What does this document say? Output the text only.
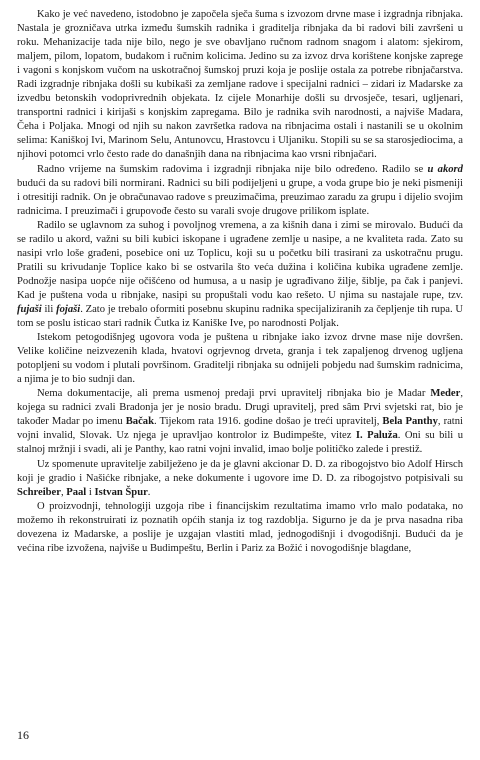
Kako je već navedeno, istodobno je započela sječa šuma s izvozom drvne mase i izgradnja ribnjaka. Nastala je grozničava utrka između šumskih radnika i graditelja ribnjaka da bi radovi bili završeni u roku. Mehanizacije tada nije bilo, nego je sve obavljano ručnom radnom snagom i alatom: sjekirom, maljem, pilom, lopatom, budakom i ručnim kolicima. Jedino su za izvoz drva korištene konjske zaprege i vagoni s konjskom vučom na uskotračnoj šumskoj pruzi koja je poslije ostala za potrebe ribnjačarstva. Radi izgradnje ribnjaka došli su kubikaši za zemljane radove i specijalni radnici – zidari iz Madarske za izvedbu betonskih vodoprivrednih objekata. Iz cijele Monarhije došli su drvosječe, tesari, ugljenari, transportni radnici i kirijaši s konjskim zapregama. Bilo je radnika svih narodnosti, a najviše Madara, Čeha i Poljaka. Mnogi od njih su nakon završetka radova na ribnjacima ostali i nastanili se u okolnim selima: Kaniškoj Ivi, Marinom Selu, Antunovcu, Hrastovcu i Uljaniku. Stopili su se sa starosjediocima, a njihovi potomci vrlo često rade do današnjih dana na ribnjacima kao vrsni ribnjačari.

Radno vrijeme na šumskim radovima i izgradnji ribnjaka nije bilo određeno. Radilo se u akord budući da su radovi bili normirani. Radnici su bili podijeljeni u grupe, a voda grupe bio je neki pismeniji i otresitiji radnik. On je obračunavao radove s preuzimačima, preuzimao zaradu za grupu i dijelio svojim radnicima. I preuzimači i grupovođe često su varali svoje drugove prilikom isplate.

Radilo se uglavnom za suhog i povoljnog vremena, a za kišnih dana i zimi se mirovalo. Budući da se radilo u akord, važni su bili kubici iskopane i ugrađene zemlje u nasipe, a ne kvaliteta rada. Zato su nasipi vrlo loše građeni, posebice oni uz Toplicu, koji su u početku bili trasirani za uskotračnu prugu. Pratili su krivudanje Toplice kako bi se ostvarila što veća dužina i količina kubika ugrađene zemlje. Podnožje nasipa uopće nije očišćeno od humusa, a u nasip je ugrađivano žilje, šiblje, pa čak i panjevi. Kad je puštena voda u ribnjake, nasipi su propuštali vodu kao rešeto. U njima su nastajale rupe, tzv. fujaši ili fojaši. Zato je trebalo oformiti posebnu skupinu radnika specijaliziranih za čepljenje tih rupa. U tom se poslu isticao stari radnik Čutka iz Kaniške Ive, po narodnosti Poljak.

Istekom petogodišnjeg ugovora voda je puštena u ribnjake iako izvoz drvne mase nije dovršen. Velike količine neizvezenih klada, hvatovi ogrjevnog drveta, granja i tek zapaljenog drvenog ugljena potopljeni su vodom i plutali površinom. Graditelji ribnjaka su odnijeli pobjedu nad šumskim radnicima, a njima je to bio sudnji dan.

Nema dokumentacije, ali prema usmenoj predaji prvi upravitelj ribnjaka bio je Madar Meder, kojega su radnici zvali Bradonja jer je nosio bradu. Drugi upravitelj, pred sâm Prvi svjetski rat, bio je također Madar po imenu Bačak. Tijekom rata 1916. godine došao je treći upravitelj, Bela Panthy, ratni vojni invalid, Slovak. Uz njega je upravljao kontrolor iz Budimpešte, vitez I. Paluža. Oni su bili u stalnoj mržnji i svadi, ali je Panthy, kao ratni vojni invalid, imao bolje političko zalede i prestiž.

Uz spomenute upravitelje zabilježeno je da je glavni akcionar D. D. za ribogojstvo bio Adolf Hirsch koji je gradio i Našićke ribnjake, a neke dokumente i ugovore ime D. D. za ribogojstvo potpisivali su Schreiber, Paal i Istvan Špur.

O proizvodnji, tehnologiji uzgoja ribe i financijskim rezultatima imamo vrlo malo podataka, no možemo ih rekonstruirati iz poznatih općih stanja iz tog razdoblja. Sigurno je da je prva nasadna riba dovezena iz Madarske, a poslije je uzgajan vlastiti mlad, jednogodišnji i dvogodišnji. Budući da je većina ribe izvožena, najviše u Budimpeštu, Berlin i Pariz za Božić i novogodišnje blagdane,

16
